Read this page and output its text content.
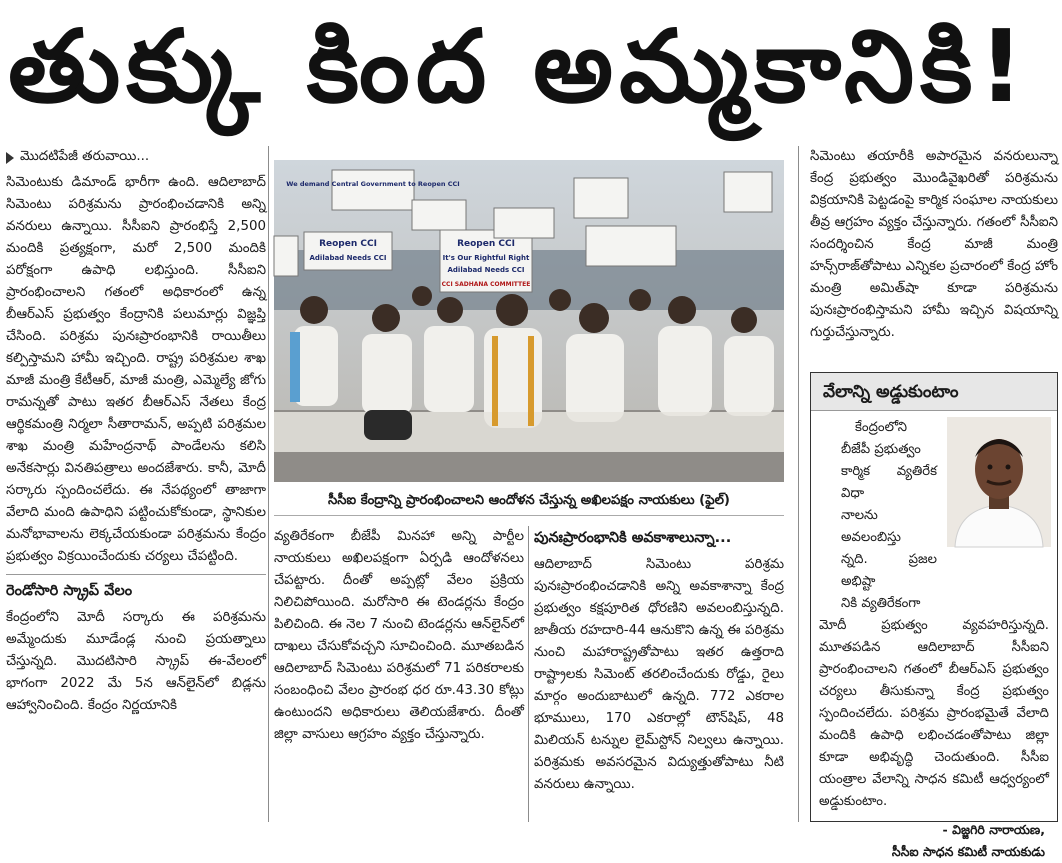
తుక్కు కింద అమ్మకానికి!
మొదటిపేజీ తరువాయి...

సిమెంటుకు డిమాండ్ భారీగా ఉంది. ఆదిలాబాద్ సిమెంటు పరిశ్రమను ప్రారంభించడానికి అన్ని వనరులు ఉన్నాయి. సీసీఐని ప్రారంభిస్తే 2,500 మందికి ప్రత్యక్షంగా, మరో 2,500 మందికి పరోక్షంగా ఉపాధి లభిస్తుంది. సీసీఐని ప్రారంభించాలని గతంలో అధికారంలో ఉన్న బీఆర్ఎస్ ప్రభుత్వం కేంద్రానికి పలుమార్లు విజ్ఞప్తి చేసింది. పరిశ్రమ పునఃప్రారంభానికి రాయితీలు కల్పిస్తామని హామీ ఇచ్చింది. రాష్ట్ర పరిశ్రమల శాఖ మాజీ మంత్రి కేటీఆర్, మాజీ మంత్రి, ఎమ్మెల్యే జోగు రామన్నతో పాటు ఇతర బీఆర్ఎస్ నేతలు కేంద్ర ఆర్థికమంత్రి నిర్మలా సీతారామన్, అప్పటి పరిశ్రమల శాఖ మంత్రి మహేంద్రనాథ్ పాండేలను కలిసి అనేకసార్లు వినతిపత్రాలు అందజేశారు. కానీ, మోదీ సర్కారు స్పందించలేదు. ఈ నేపథ్యంలో తాజాగా వేలాది మంది ఉపాధిని పట్టించుకోకుండా, స్థానికుల మనోభావాలను లెక్కచేయకుండా పరిశ్రమను కేంద్రం ప్రభుత్వం విక్రయించేందుకు చర్యలు చేపట్టింది.

రెండోసారి స్క్రాప్ వేలం

కేంద్రంలోని మోదీ సర్కారు ఈ పరిశ్రమను అమ్మేందుకు మూడేండ్ల నుంచి ప్రయత్నాలు చేస్తున్నది. మొదటిసారి స్క్రాప్ ఈ-వేలంలో భాగంగా 2022 మే 5న ఆన్‌లైన్‌లో బిడ్లను ఆహ్వానించింది. కేంద్రం నిర్ణయానికి

Reopen CCI
Adilabad Needs CCI
Reopen CCI
It's Our Rightful Right
Adilabad Needs CCI
CCI SADHANA COMMITTEE
We demand Central Government to Reopen CCI
సీసీఐ కేంద్రాన్ని ప్రారంభించాలని ఆందోళన చేస్తున్న అఖిలపక్షం నాయకులు (ఫైల్)

వ్యతిరేకంగా బీజేపీ మినహా అన్ని పార్టీల నాయకులు అఖిలపక్షంగా ఏర్పడి ఆందోళనలు చేపట్టారు. దీంతో అప్పట్లో వేలం ప్రక్రియ నిలిచిపోయింది. మరోసారి ఈ టెండర్లను కేంద్రం పిలిచింది. ఈ నెల 7 నుంచి టెండర్లను ఆన్‌లైన్‌లో దాఖలు చేసుకోవచ్చని సూచించింది. మూతబడిన ఆదిలాబాద్ సిమెంటు పరిశ్రమలో 71 పరికరాలకు సంబంధించి వేలం ప్రారంభ ధర రూ.43.30 కోట్లు ఉంటుందని అధికారులు తెలియజేశారు. దీంతో జిల్లా వాసులు ఆగ్రహం వ్యక్తం చేస్తున్నారు.

పునఃప్రారంభానికి అవకాశాలున్నా...

ఆదిలాబాద్ సిమెంటు పరిశ్రమ పునఃప్రారంభించడానికి అన్ని అవకాశాన్నా కేంద్ర ప్రభుత్వం కక్షపూరిత ధోరణిని అవలంబిస్తున్నది. జాతీయ రహదారి-44 ఆనుకొని ఉన్న ఈ పరిశ్రమ నుంచి మహారాష్ట్రతోపాటు ఇతర ఉత్తరాది రాష్ట్రాలకు సిమెంట్ తరలించేందుకు రోడ్డు, రైలు మార్గం అందుబాటులో ఉన్నది. 772 ఎకరాల భూములు, 170 ఎకరాల్లో టౌన్‌షిప్, 48 మిలియన్ టన్నుల లైమ్‌స్టోన్ నిల్వలు ఉన్నాయి. పరిశ్రమకు అవసరమైన విద్యుత్తుతోపాటు నీటి వనరులు ఉన్నాయి.

సిమెంటు తయారీకి అపారమైన వనరులున్నా కేంద్ర ప్రభుత్వం మొండివైఖరితో పరిశ్రమను విక్రయానికి పెట్టడంపై కార్మిక సంఘాల నాయకులు తీవ్ర ఆగ్రహం వ్యక్తం చేస్తున్నారు. గతంలో సీసీఐని సందర్శించిన కేంద్ర మాజీ మంత్రి హన్స్‌రాజ్‌తోపాటు ఎన్నికల ప్రచారంలో కేంద్ర హోం మంత్రి అమిత్‌షా కూడా పరిశ్రమను పునఃప్రారంభిస్తామని హామీ ఇచ్చిన విషయాన్ని గుర్తుచేస్తున్నారు.

వేలాన్ని అడ్డుకుంటాం

కేంద్రంలోని

బీజేపీ ప్రభుత్వం

కార్మిక వ్యతిరేక విధా

నాలను అవలంబిస్తు

న్నది. ప్రజల అభిష్టా

నికి వ్యతిరేకంగా

మోదీ ప్రభుత్వం వ్యవహరిస్తున్నది. మూతపడిన ఆదిలాబాద్ సీసీఐని ప్రారంభించాలని గతంలో బీఆర్ఎస్ ప్రభుత్వం చర్యలు తీసుకున్నా కేంద్ర ప్రభుత్వం స్పందించలేదు. పరిశ్రమ ప్రారంభమైతే వేలాది మందికి ఉపాధి లభించడంతోపాటు జిల్లా కూడా అభివృద్ధి చెందుతుంది. సీసీఐ యంత్రాల వేలాన్ని సాధన కమిటీ ఆధ్వర్యంలో అడ్డుకుంటాం.

- విజ్జగిరి నారాయణ,
సీసీఐ సాధన కమిటీ నాయకుడు
